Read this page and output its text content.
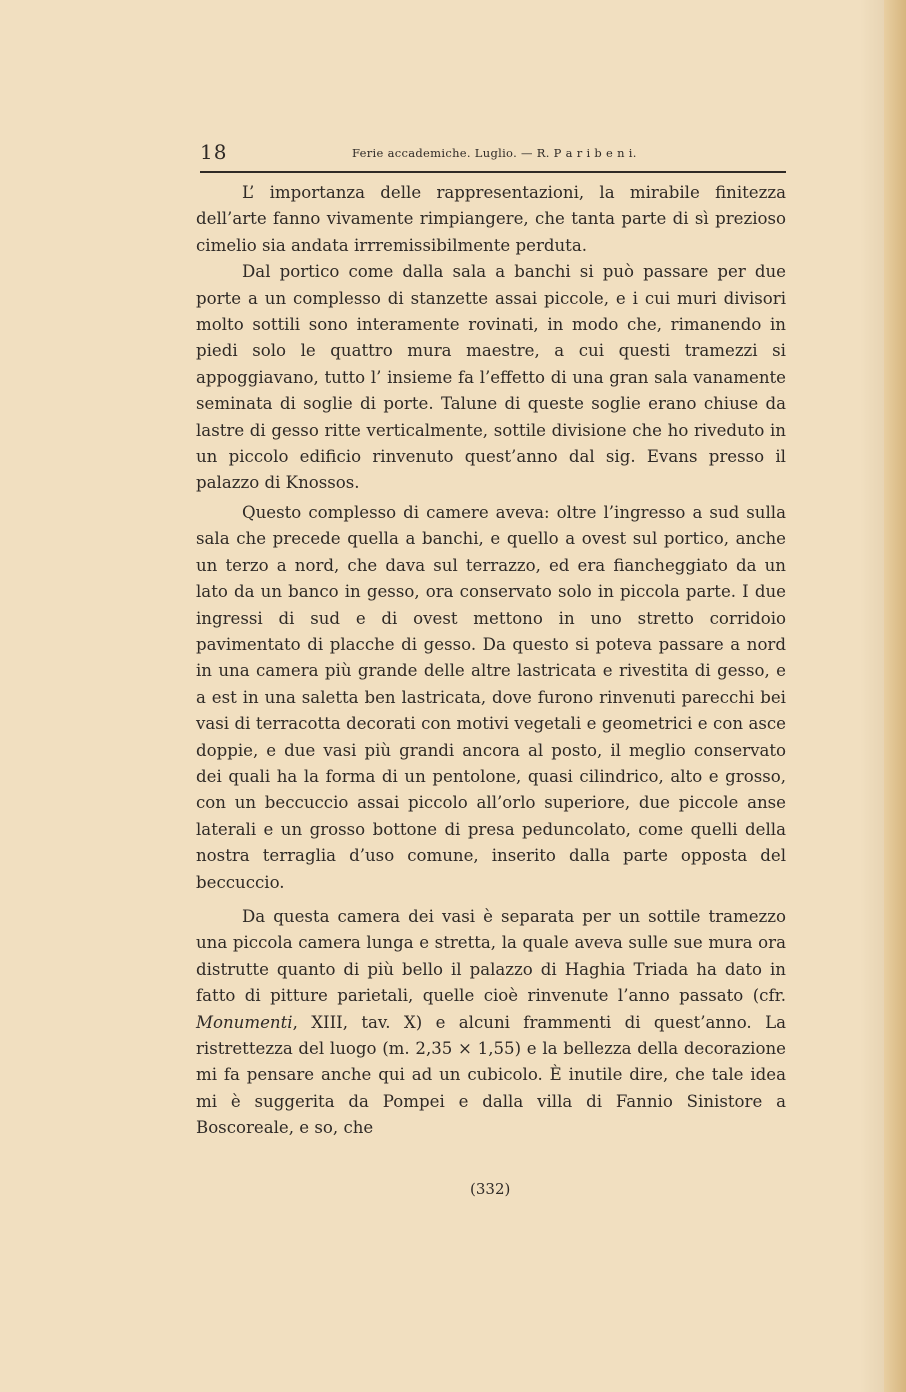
18	Ferie accademiche. Luglio. — R. P a r i b e n i.

L’ importanza delle rappresentazioni, la mirabile finitezza dell’arte fanno vivamente rimpiangere, che tanta parte di sì prezioso cimelio sia andata irrremissibilmente perduta.

Dal portico come dalla sala a banchi si può passare per due porte a un complesso di stanzette assai piccole, e i cui muri divisori molto sottili sono interamente rovinati, in modo che, rimanendo in piedi solo le quattro mura maestre, a cui questi tramezzi si appoggiavano, tutto l’ insieme fa l’effetto di una gran sala vanamente seminata di soglie di porte. Talune di queste soglie erano chiuse da lastre di gesso ritte verticalmente, sottile divisione che ho riveduto in un piccolo edificio rinvenuto quest’anno dal sig. Evans presso il palazzo di Knossos.

Questo complesso di camere aveva: oltre l’ingresso a sud sulla sala che precede quella a banchi, e quello a ovest sul portico, anche un terzo a nord, che dava sul terrazzo, ed era fiancheggiato da un lato da un banco in gesso, ora conservato solo in piccola parte. I due ingressi di sud e di ovest mettono in uno stretto corridoio pavimentato di placche di gesso. Da questo si poteva passare a nord in una camera più grande delle altre lastricata e rivestita di gesso, e a est in una saletta ben lastricata, dove furono rinvenuti parecchi bei vasi di terracotta decorati con motivi vegetali e geometrici e con asce doppie, e due vasi più grandi ancora al posto, il meglio conservato dei quali ha la forma di un pentolone, quasi cilindrico, alto e grosso, con un beccuccio assai piccolo all’orlo superiore, due piccole anse laterali e un grosso bottone di presa peduncolato, come quelli della nostra terraglia d’uso comune, inserito dalla parte opposta del beccuccio.

Da questa camera dei vasi è separata per un sottile tramezzo una piccola camera lunga e stretta, la quale aveva sulle sue mura ora distrutte quanto di più bello il palazzo di Haghia Triada ha dato in fatto di pitture parietali, quelle cioè rinvenute l’anno passato (cfr. Monumenti, XIII, tav. X) e alcuni frammenti di quest’anno. La ristrettezza del luogo (m. 2,35 × 1,55) e la bellezza della decorazione mi fa pensare anche qui ad un cubicolo. È inutile dire, che tale idea mi è suggerita da Pompei e dalla villa di Fannio Sinistore a Boscoreale, e so, che

(332)
